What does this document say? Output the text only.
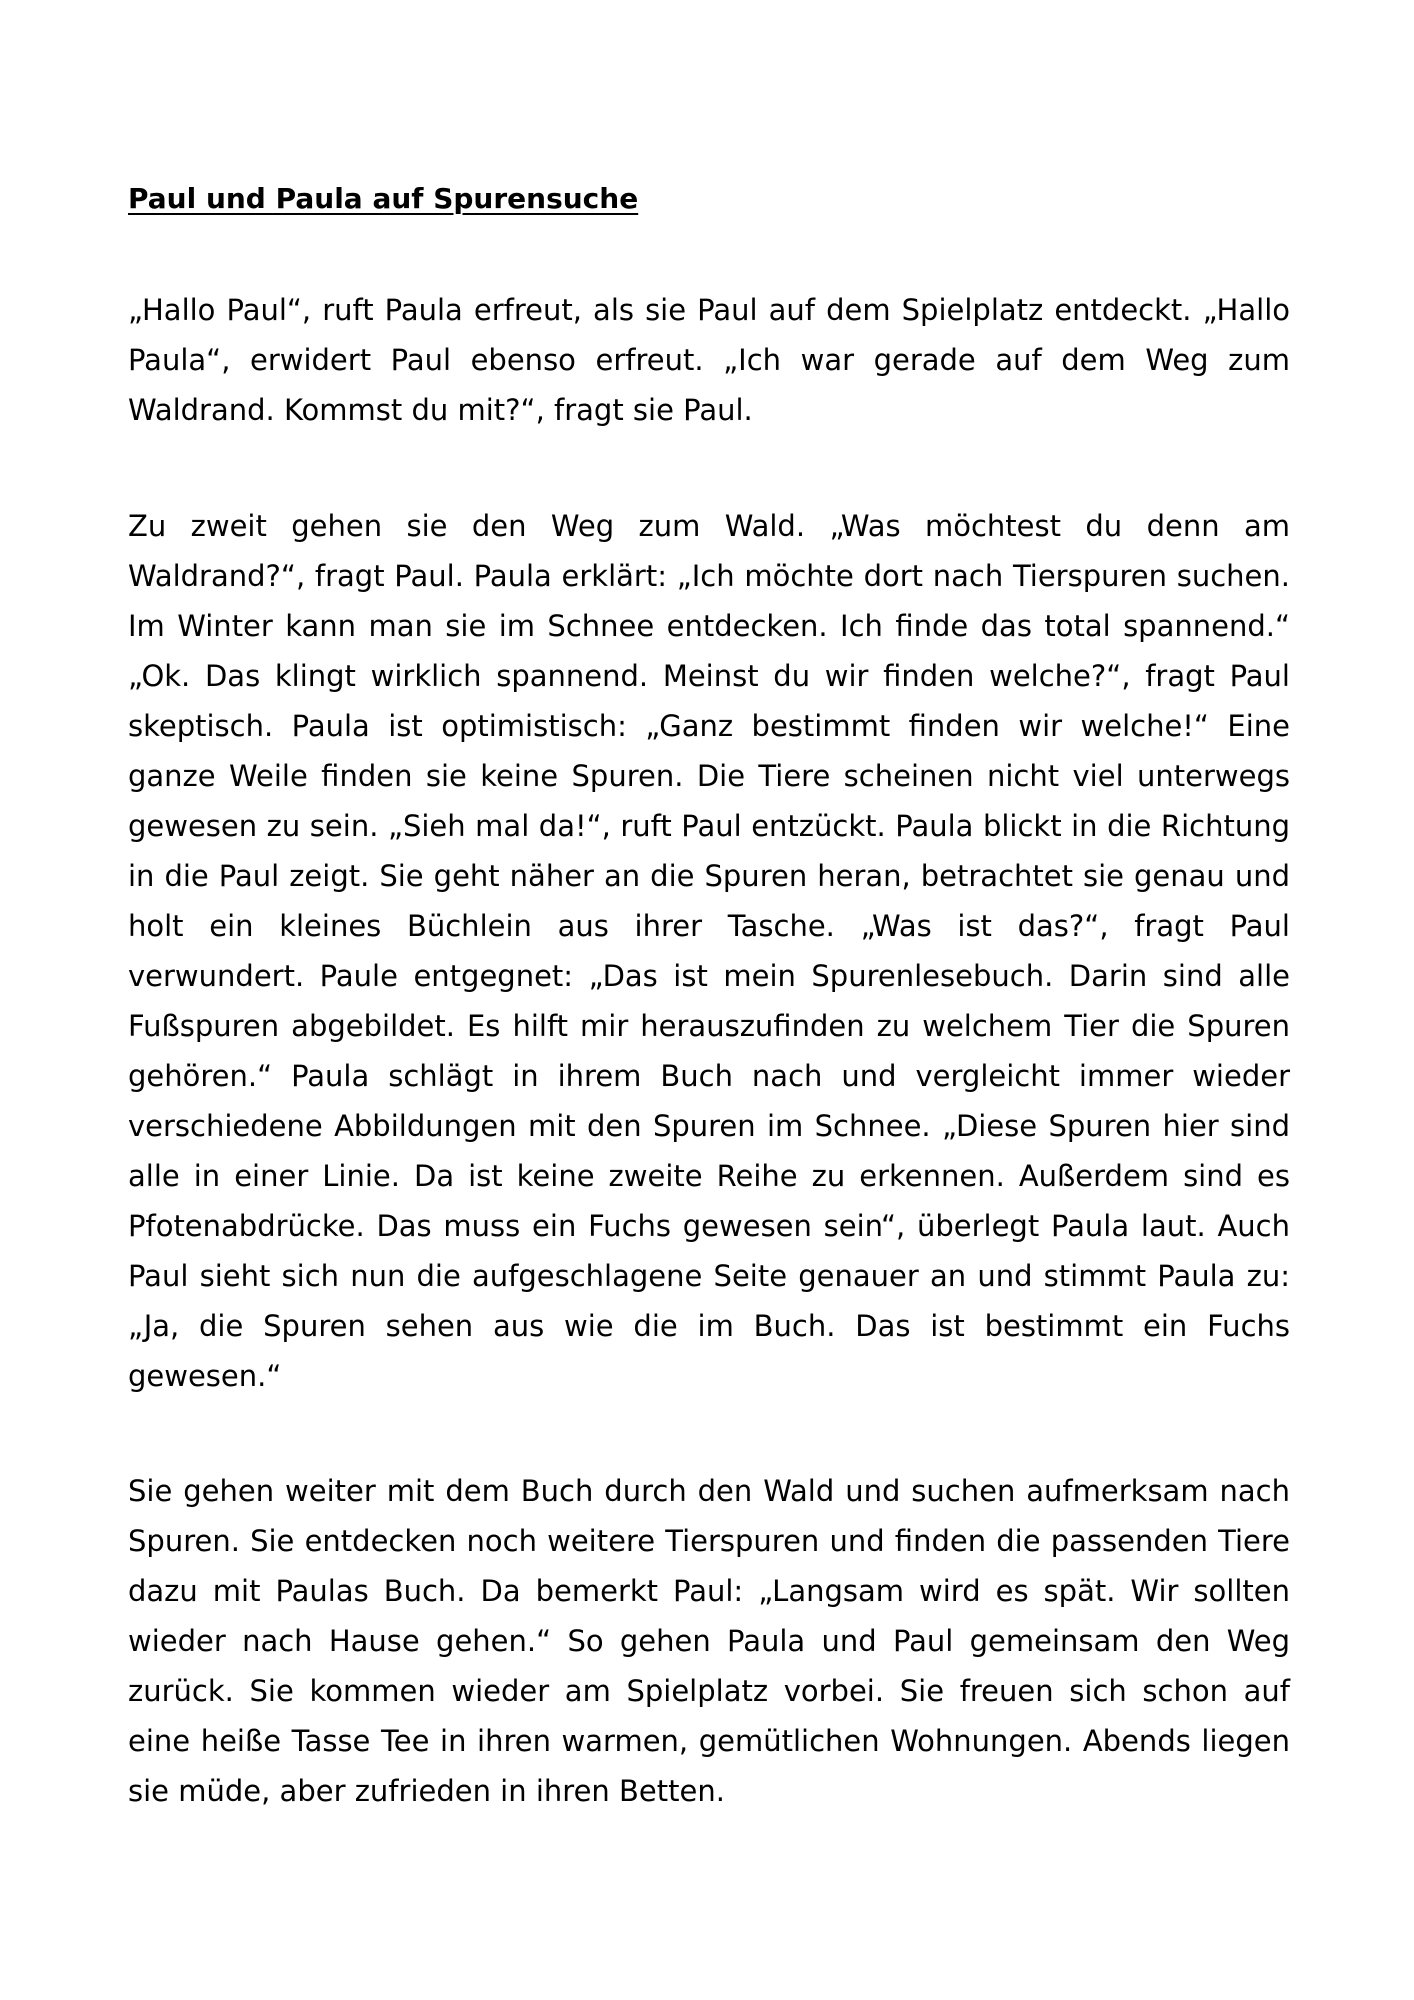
Paul und Paula auf Spurensuche

„Hallo Paul“, ruft Paula erfreut, als sie Paul auf dem Spielplatz entdeckt. „Hallo Paula“, erwidert Paul ebenso erfreut. „Ich war gerade auf dem Weg zum Waldrand. Kommst du mit?“, fragt sie Paul.

Zu zweit gehen sie den Weg zum Wald. „Was möchtest du denn am Waldrand?“, fragt Paul. Paula erklärt: „Ich möchte dort nach Tierspuren suchen. Im Winter kann man sie im Schnee entdecken. Ich finde das total spannend.“ „Ok. Das klingt wirklich spannend. Meinst du wir finden welche?“, fragt Paul skeptisch. Paula ist optimistisch: „Ganz bestimmt finden wir welche!“ Eine ganze Weile finden sie keine Spuren. Die Tiere scheinen nicht viel unterwegs gewesen zu sein. „Sieh mal da!“, ruft Paul entzückt. Paula blickt in die Richtung in die Paul zeigt. Sie geht näher an die Spuren heran, betrachtet sie genau und holt ein kleines Büchlein aus ihrer Tasche. „Was ist das?“, fragt Paul verwundert. Paule entgegnet: „Das ist mein Spurenlesebuch. Darin sind alle Fußspuren abgebildet. Es hilft mir herauszufinden zu welchem Tier die Spuren gehören.“ Paula schlägt in ihrem Buch nach und vergleicht immer wieder verschiedene Abbildungen mit den Spuren im Schnee. „Diese Spuren hier sind alle in einer Linie. Da ist keine zweite Reihe zu erkennen. Außerdem sind es Pfotenabdrücke. Das muss ein Fuchs gewesen sein“, überlegt Paula laut. Auch Paul sieht sich nun die aufgeschlagene Seite genauer an und stimmt Paula zu: „Ja, die Spuren sehen aus wie die im Buch. Das ist bestimmt ein Fuchs gewesen.“

Sie gehen weiter mit dem Buch durch den Wald und suchen aufmerksam nach Spuren. Sie entdecken noch weitere Tierspuren und finden die passenden Tiere dazu mit Paulas Buch. Da bemerkt Paul: „Langsam wird es spät. Wir sollten wieder nach Hause gehen.“ So gehen Paula und Paul gemeinsam den Weg zurück. Sie kommen wieder am Spielplatz vorbei. Sie freuen sich schon auf eine heiße Tasse Tee in ihren warmen, gemütlichen Wohnungen. Abends liegen sie müde, aber zufrieden in ihren Betten.
